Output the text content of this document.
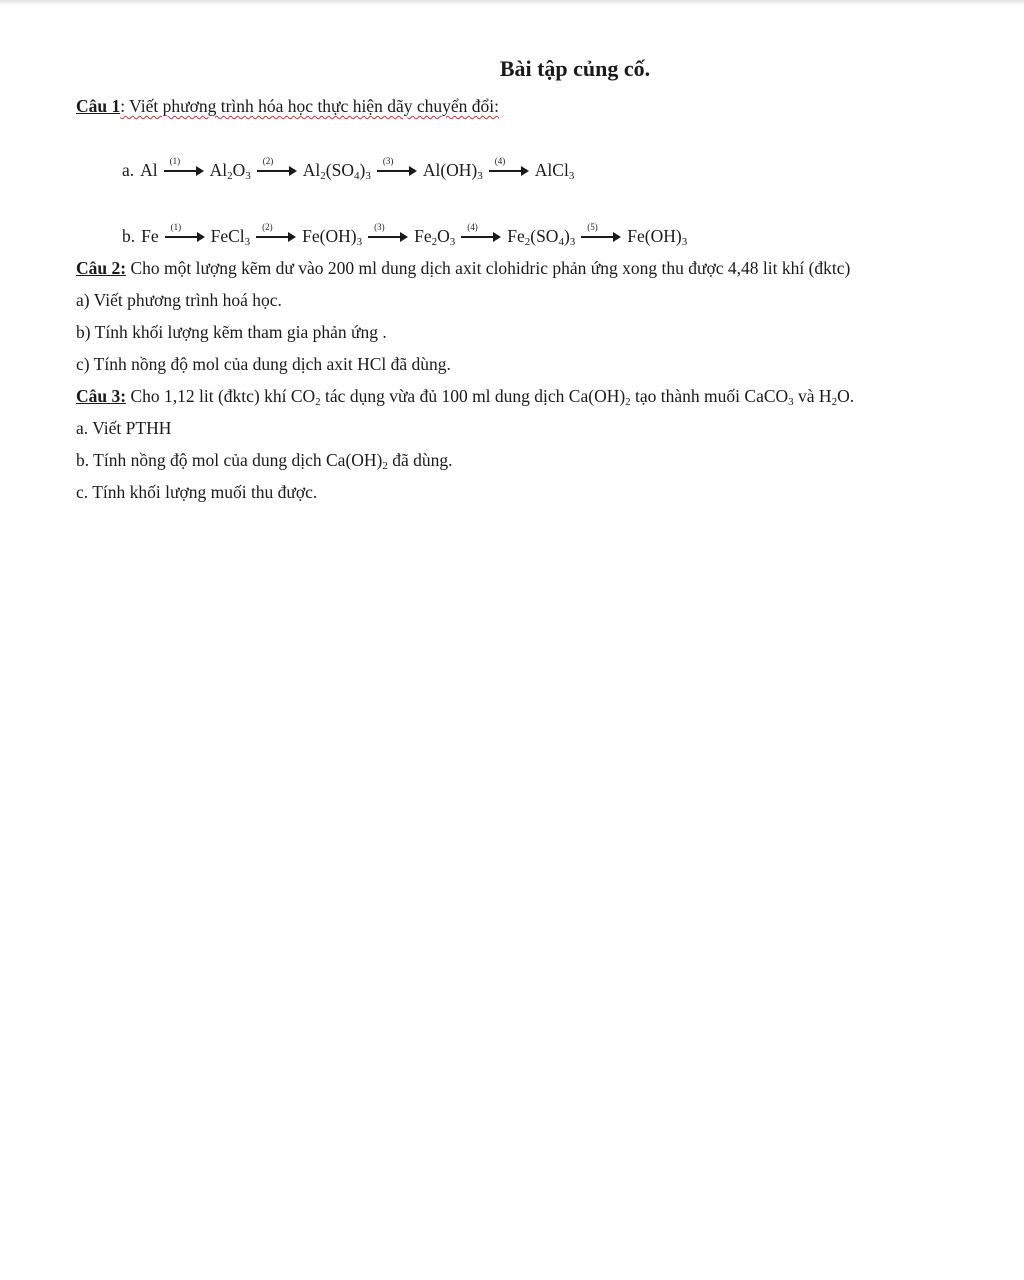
Bài tập củng cố.
Câu 1: Viết phương trình hóa học thực hiện dãy chuyển đổi:
a. Al (1) $Al_2O_3$
(2) $Al_2(SO_4)_3$
(3) $Al(OH)_3$
(4) AlCl$_3$
b. Fe (1) FeCl$_3$
(2) $Fe(OH)_3$
(3) $Fe_2O_3$
(4) $Fe_2(SO_4)_3$
(5) $Fe(OH)_3$
Câu 2: Cho một lượng kẽm dư vào 200 ml dung dịch axit clohidric phản ứng xong thu được 4,48 lit khí (đktc)
a) Viết phương trình hoá học.
b) Tính khối lượng kẽm tham gia phản ứng .
c) Tính nồng độ mol của dung dịch axit HCl đã dùng.
Câu 3: Cho 1,12 lit (đktc) khí $CO_2$ tác dụng vừa đủ 100 ml dung dịch $Ca(OH)_2$ tạo thành muối CaCO$_3$ và $H_2O$.
a. Viết PTHH
b. Tính nồng độ mol của dung dịch $Ca(OH)_2$ đã dùng.
c. Tính khối lượng muối thu được.
